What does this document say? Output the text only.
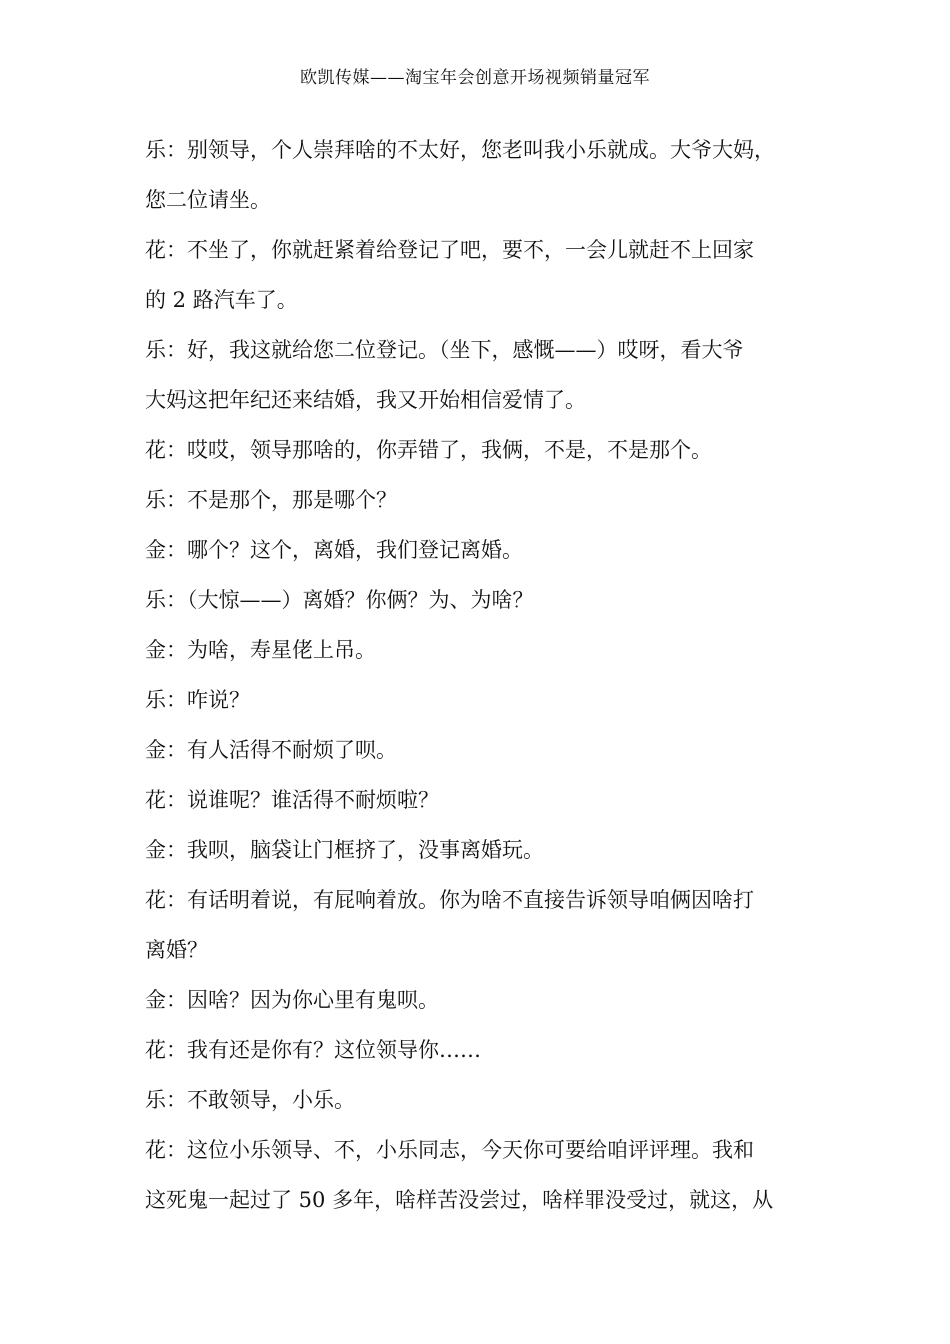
欧凯传媒——淘宝年会创意开场视频销量冠军
乐：别领导，个人崇拜啥的不太好，您老叫我小乐就成。大爷大妈，
您二位请坐。
花：不坐了，你就赶紧着给登记了吧，要不，一会儿就赶不上回家
的 2 路汽车了。
乐：好，我这就给您二位登记。（坐下，感慨——）哎呀，看大爷
大妈这把年纪还来结婚，我又开始相信爱情了。
花：哎哎，领导那啥的，你弄错了，我俩，不是，不是那个。
乐：不是那个，那是哪个？
金：哪个？这个，离婚，我们登记离婚。
乐：（大惊——）离婚？你俩？为、为啥？
金：为啥，寿星佬上吊。
乐：咋说？
金：有人活得不耐烦了呗。
花：说谁呢？谁活得不耐烦啦？
金：我呗，脑袋让门框挤了，没事离婚玩。
花：有话明着说，有屁响着放。你为啥不直接告诉领导咱俩因啥打
离婚？
金：因啥？因为你心里有鬼呗。
花：我有还是你有？这位领导你……
乐：不敢领导，小乐。
花：这位小乐领导、不，小乐同志，今天你可要给咱评评理。我和
这死鬼一起过了 50 多年，啥样苦没尝过，啥样罪没受过，就这，从
